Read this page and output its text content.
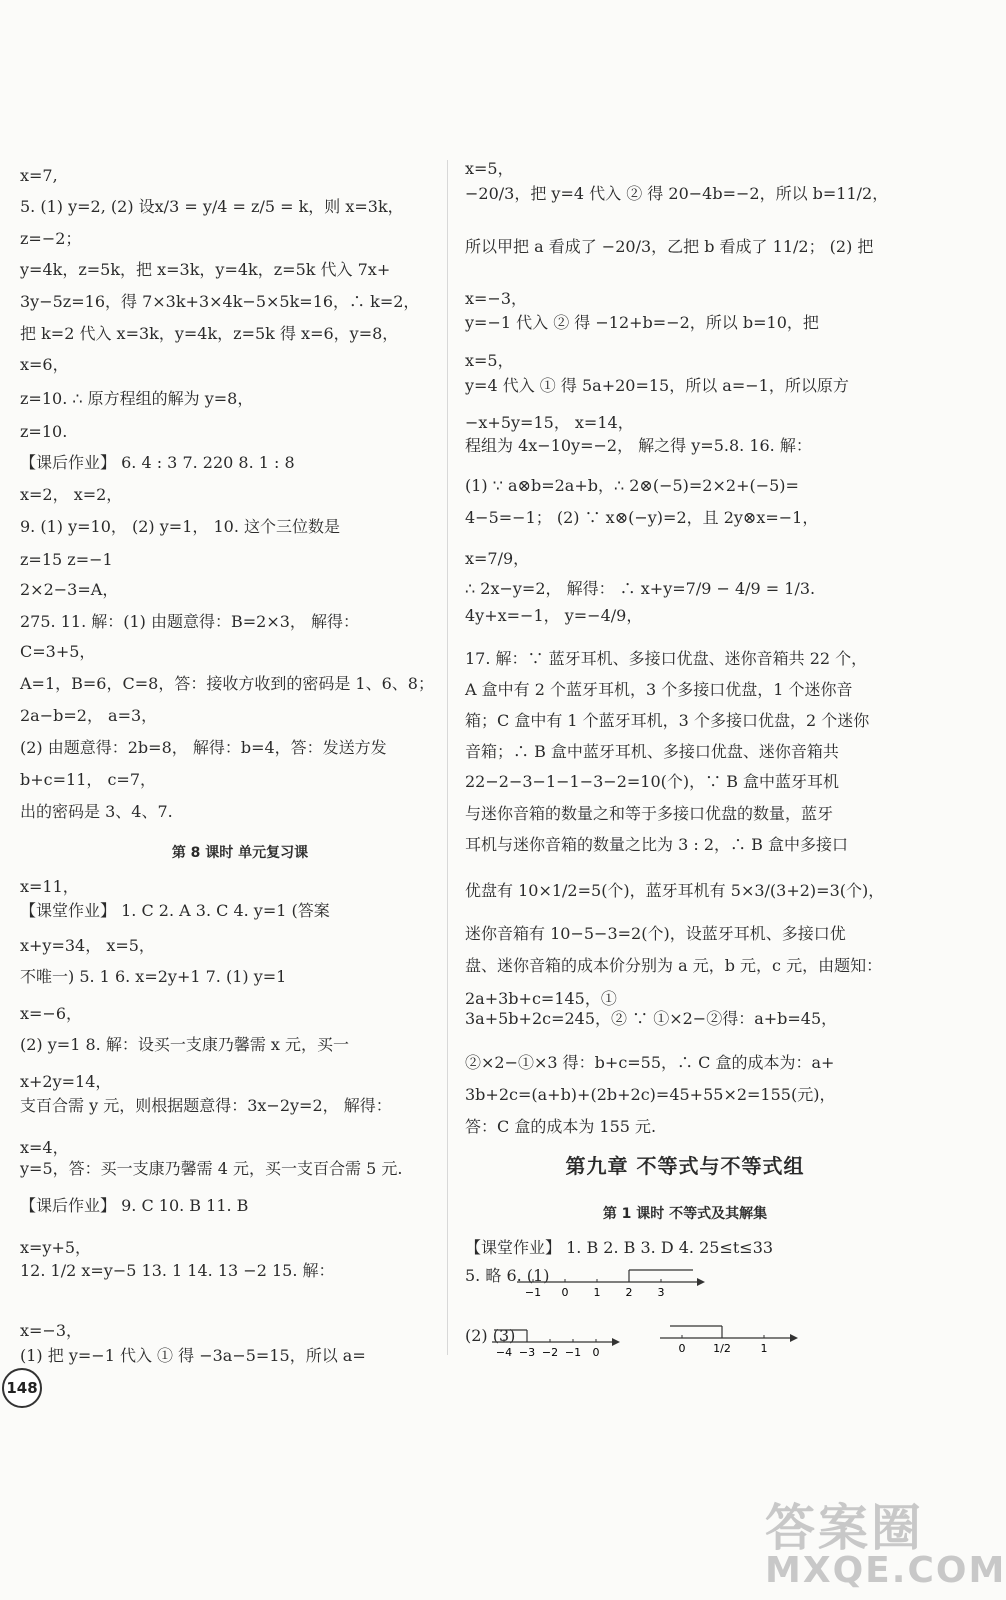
x=7,
5. (1) y=2, (2) 设x/3 = y/4 = z/5 = k，则 x=3k，
z=−2；
y=4k，z=5k，把 x=3k，y=4k，z=5k 代入 7x+
3y−5z=16，得 7×3k+3×4k−5×5k=16，∴ k=2，
把 k=2 代入 x=3k，y=4k，z=5k 得 x=6，y=8，
x=6，
z=10. ∴ 原方程组的解为 y=8，
z=10.
【课后作业】 6. 4 : 3 7. 220 8. 1 : 8
x=2， x=2，
9. (1) y=10， (2) y=1， 10. 这个三位数是
z=15 z=−1
2×2−3=A，
275. 11. 解：(1) 由题意得：B=2×3， 解得：
C=3+5，
A=1，B=6，C=8，答：接收方收到的密码是 1、6、8；
2a−b=2， a=3，
(2) 由题意得：2b=8， 解得：b=4，答：发送方发
b+c=11， c=7，
出的密码是 3、4、7.
第 8 课时 单元复习课
x=11，
【课堂作业】 1. C 2. A 3. C 4. y=1 (答案
x+y=34， x=5，
不唯一) 5. 1 6. x=2y+1 7. (1) y=1
x=−6，
(2) y=1 8. 解：设买一支康乃馨需 x 元，买一
x+2y=14，
支百合需 y 元，则根据题意得：3x−2y=2， 解得：
x=4，
y=5，答：买一支康乃馨需 4 元，买一支百合需 5 元.
【课后作业】 9. C 10. B 11. B
x=y+5，
12. 1/2 x=y−5 13. 1 14. 13 −2 15. 解：
x=−3，
(1) 把 y=−1 代入 ① 得 −3a−5=15，所以 a=
x=5，
−20/3，把 y=4 代入 ② 得 20−4b=−2，所以 b=11/2，
所以甲把 a 看成了 −20/3，乙把 b 看成了 11/2； (2) 把
x=−3，
y=−1 代入 ② 得 −12+b=−2，所以 b=10，把
x=5，
y=4 代入 ① 得 5a+20=15，所以 a=−1，所以原方
−x+5y=15， x=14，
程组为 4x−10y=−2， 解之得 y=5.8. 16. 解：
(1) ∵ a⊗b=2a+b，∴ 2⊗(−5)=2×2+(−5)=
4−5=−1； (2) ∵ x⊗(−y)=2，且 2y⊗x=−1，
x=7/9，
∴ 2x−y=2， 解得： ∴ x+y=7/9 − 4/9 = 1/3.
4y+x=−1， y=−4/9，
17. 解：∵ 蓝牙耳机、多接口优盘、迷你音箱共 22 个，
A 盒中有 2 个蓝牙耳机，3 个多接口优盘，1 个迷你音
箱；C 盒中有 1 个蓝牙耳机，3 个多接口优盘，2 个迷你
音箱；∴ B 盒中蓝牙耳机、多接口优盘、迷你音箱共
22−2−3−1−1−3−2=10(个)，∵ B 盒中蓝牙耳机
与迷你音箱的数量之和等于多接口优盘的数量，蓝牙
耳机与迷你音箱的数量之比为 3 : 2，∴ B 盒中多接口
优盘有 10×1/2=5(个)，蓝牙耳机有 5×3/(3+2)=3(个)，
迷你音箱有 10−5−3=2(个)，设蓝牙耳机、多接口优
盘、迷你音箱的成本价分别为 a 元，b 元，c 元，由题知：
2a+3b+c=145，①
3a+5b+2c=245，② ∵ ①×2−②得：a+b=45，
②×2−①×3 得：b+c=55，∴ C 盒的成本为：a+
3b+2c=(a+b)+(2b+2c)=45+55×2=155(元)，
答：C 盒的成本为 155 元.
第九章 不等式与不等式组
第 1 课时 不等式及其解集
【课堂作业】 1. B 2. B 3. D 4. 25≤t≤33
5. 略 6. (1)
(2) (3)
−1 0 1 2 3
−4 −3 −2 −1 0	0	1/2	1
148
答案圈
MXQE.COM
